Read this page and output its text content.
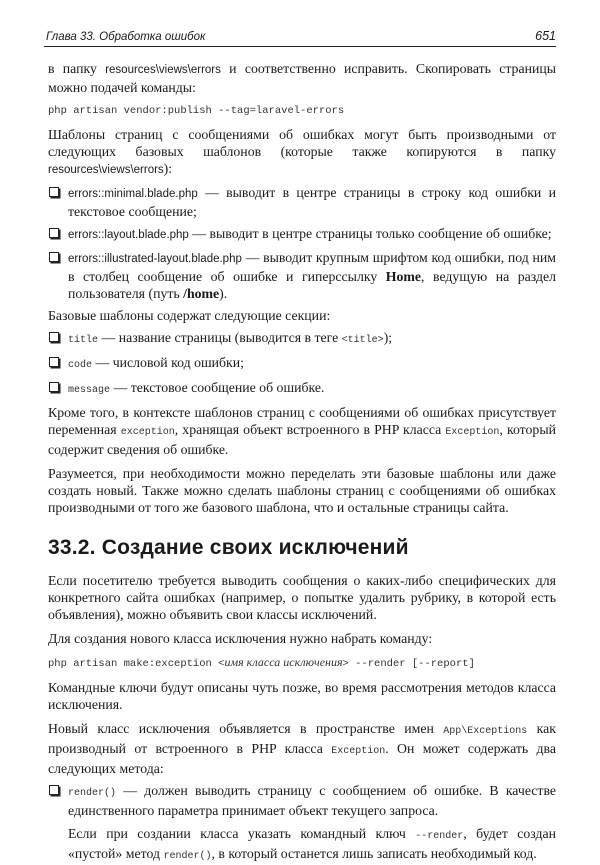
Глава 33. Обработка ошибок	651

в папку resources\views\errors и соответственно исправить. Скопировать страницы можно подачей команды:

php artisan vendor:publish --tag=laravel-errors

Шаблоны страниц с сообщениями об ошибках могут быть производными от следующих базовых шаблонов (которые также копируются в папку resources\views\errors):

errors::minimal.blade.php — выводит в центре страницы в строку код ошибки и текстовое сообщение;
errors::layout.blade.php — выводит в центре страницы только сообщение об ошибке;
errors::illustrated-layout.blade.php — выводит крупным шрифтом код ошибки, под ним в столбец сообщение об ошибке и гиперссылку Home, ведущую на раздел пользователя (путь /home).

Базовые шаблоны содержат следующие секции:

title — название страницы (выводится в теге <title>);
code — числовой код ошибки;
message — текстовое сообщение об ошибке.

Кроме того, в контексте шаблонов страниц с сообщениями об ошибках присутствует переменная exception, хранящая объект встроенного в PHP класса Exception, который содержит сведения об ошибке.

Разумеется, при необходимости можно переделать эти базовые шаблоны или даже создать новый. Также можно сделать шаблоны страниц с сообщениями об ошибках производными от того же базового шаблона, что и остальные страницы сайта.

33.2. Создание своих исключений

Если посетителю требуется выводить сообщения о каких-либо специфических для конкретного сайта ошибках (например, о попытке удалить рубрику, в которой есть объявления), можно объявить свои классы исключений.

Для создания нового класса исключения нужно набрать команду:

php artisan make:exception <имя класса исключения> --render [--report]

Командные ключи будут описаны чуть позже, во время рассмотрения методов класса исключения.

Новый класс исключения объявляется в пространстве имен App\Exceptions как производный от встроенного в PHP класса Exception. Он может содержать два следующих метода:

render() — должен выводить страницу с сообщением об ошибке. В качестве единственного параметра принимает объект текущего запроса.

Если при создании класса указать командный ключ --render, будет создан «пустой» метод render(), в который останется лишь записать необходимый код.
